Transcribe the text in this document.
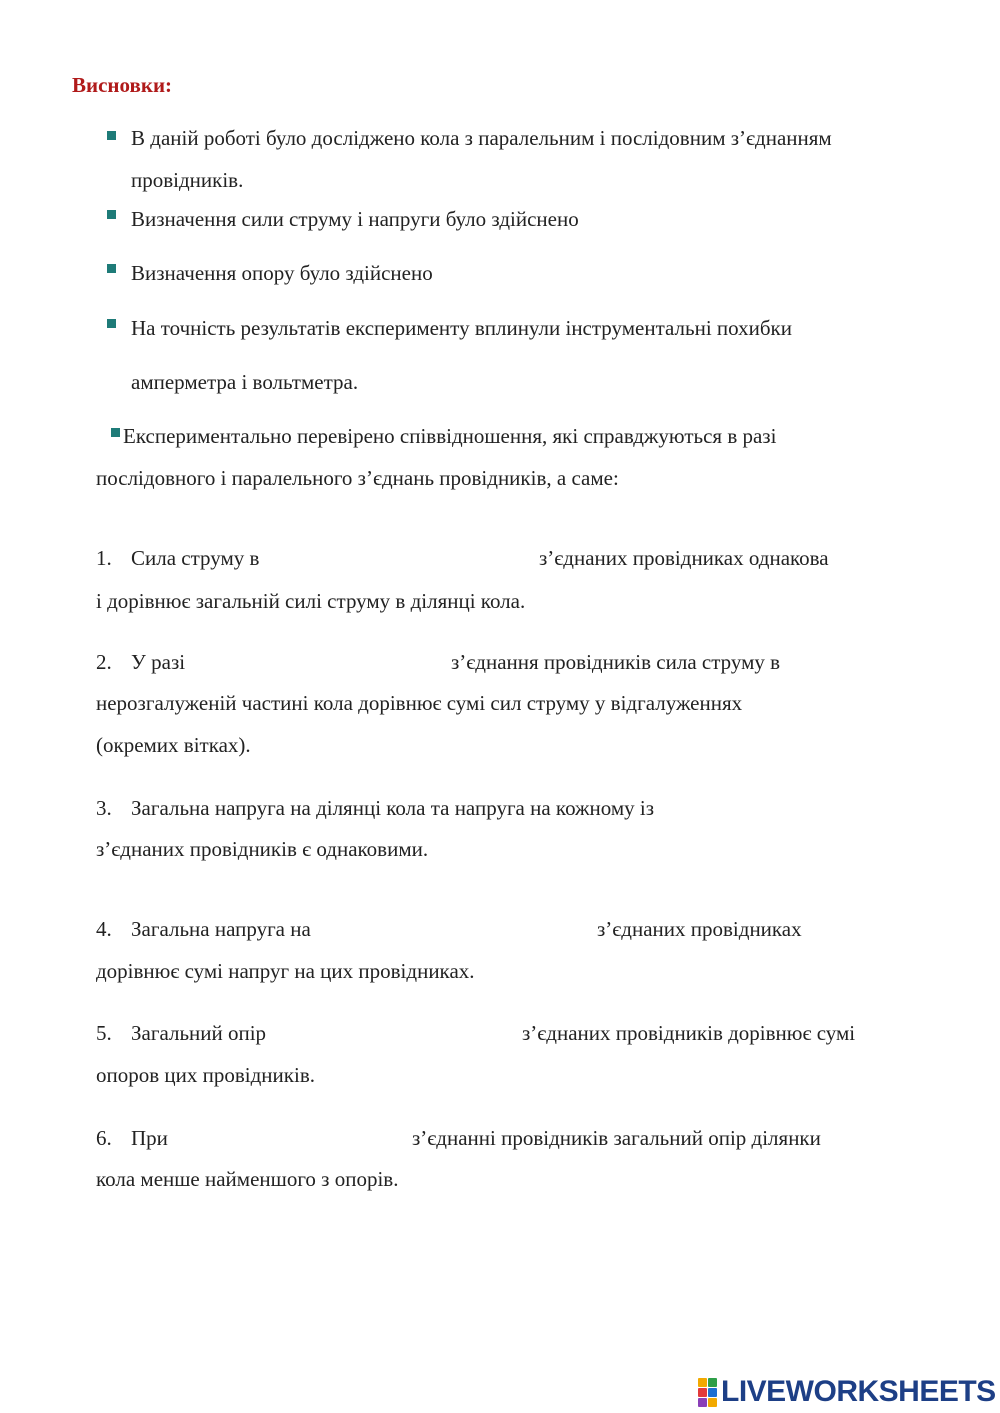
Висновки:
В даній роботі було досліджено кола з паралельним і послідовним з’єднанням
провідників.
Визначення сили струму і напруги було здійснено
Визначення опору було здійснено
На точність результатів експерименту вплинули інструментальні похибки
амперметра і вольтметра.
Експериментально перевірено співвідношення, які справджуються в разі
послідовного і паралельного з’єднань провідників, а саме:
1. Сила струму в	з’єднаних провідниках однакова
і дорівнює загальній силі струму в ділянці кола.
2. У разі	з’єднання провідників сила струму в
нерозгалуженій частині кола дорівнює сумі сил струму у відгалуженнях
(окремих вітках).
3. Загальна напруга на ділянці кола та напруга на кожному із
з’єднаних провідників є однаковими.
4. Загальна напруга на	з’єднаних провідниках
дорівнює сумі напруг на цих провідниках.
5. Загальний опір	з’єднаних провідників дорівнює сумі
опоров цих провідників.
6. При	з’єднанні провідників загальний опір ділянки
кола менше найменшого з опорів.
LIVEWORKSHEETS
